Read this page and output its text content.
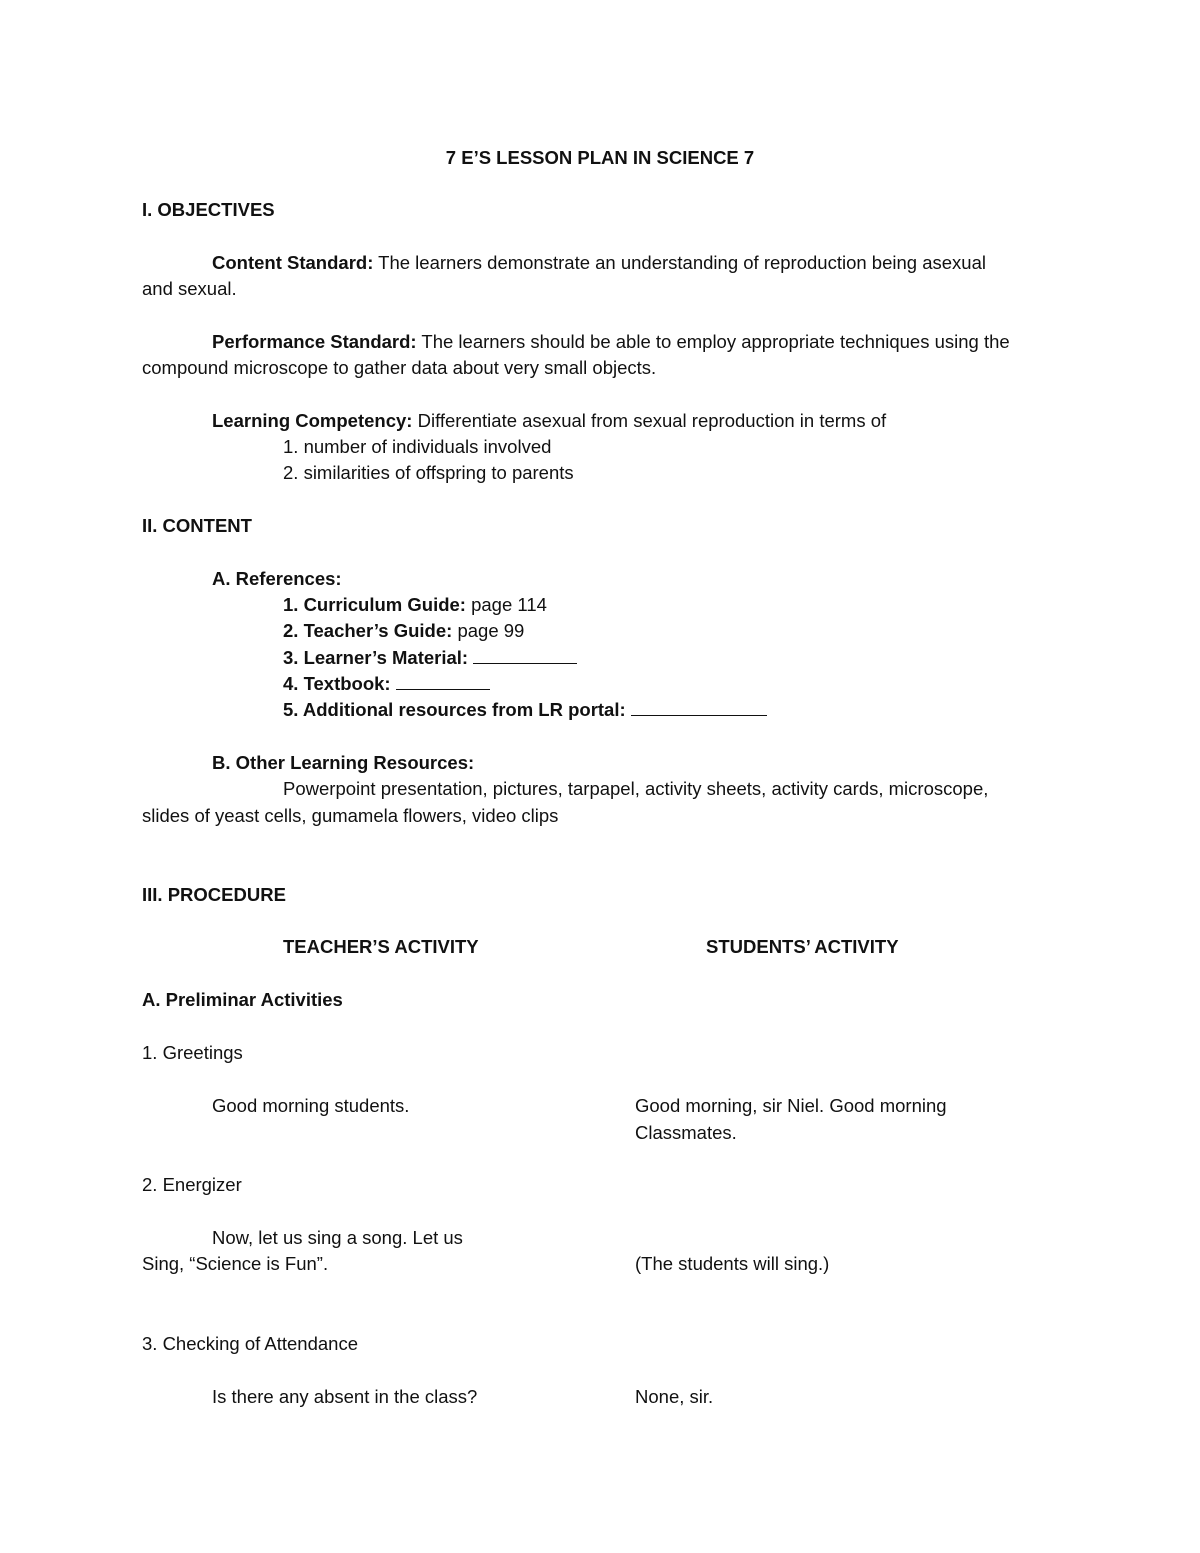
7 E’S LESSON PLAN IN SCIENCE 7
I. OBJECTIVES
Content Standard: The learners demonstrate an understanding of reproduction being asexual
and sexual.
Performance Standard: The learners should be able to employ appropriate techniques using the
compound microscope to gather data about very small objects.
Learning Competency: Differentiate asexual from sexual reproduction in terms of
1. number of individuals involved
2. similarities of offspring to parents
II. CONTENT
A. References:
1. Curriculum Guide: page 114
2. Teacher’s Guide: page 99
3. Learner’s Material:
4. Textbook:
5. Additional resources from LR portal:
B. Other Learning Resources:
Powerpoint presentation, pictures, tarpapel, activity sheets, activity cards, microscope,
slides of yeast cells, gumamela flowers, video clips
III. PROCEDURE
TEACHER’S ACTIVITY	STUDENTS’ ACTIVITY
A. Preliminar Activities
1. Greetings
Good morning students.	Good morning, sir Niel. Good morning
Classmates.
2. Energizer
Now, let us sing a song. Let us
Sing, “Science is Fun”.	(The students will sing.)
3. Checking of Attendance
Is there any absent in the class?	None, sir.
